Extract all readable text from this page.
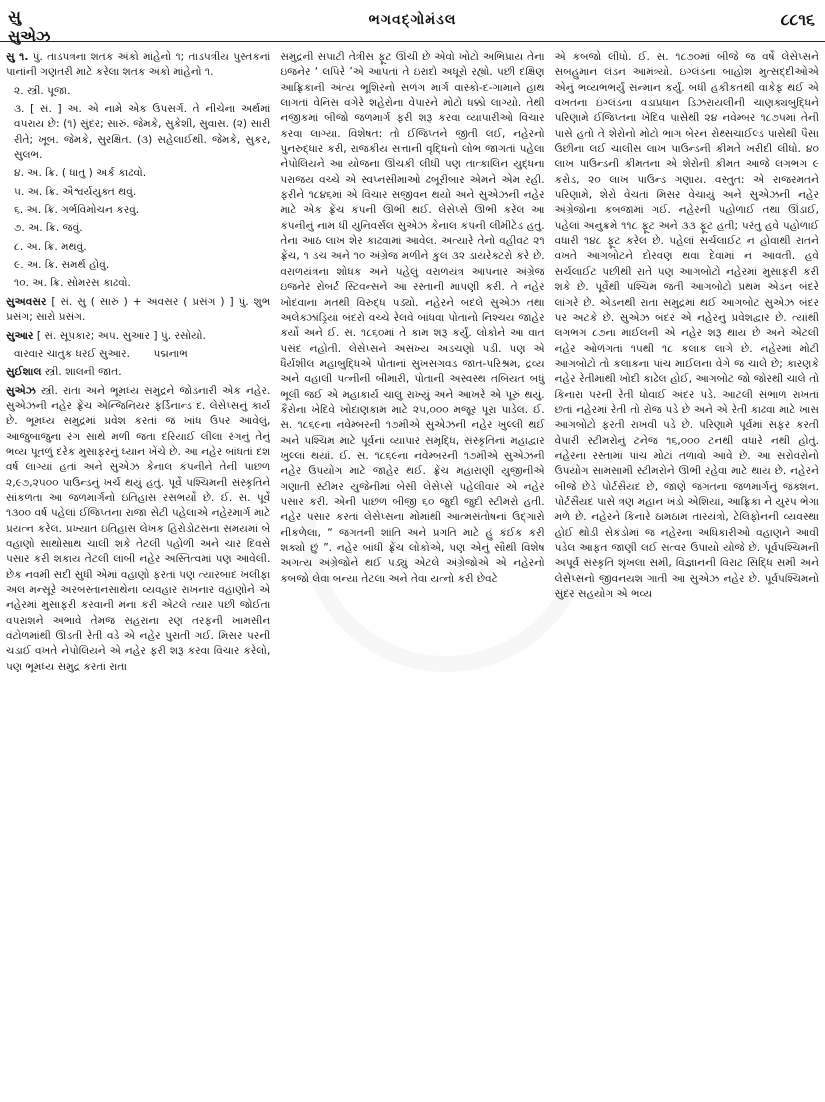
સુ
સુએઝ
ભગવદ્ગોમંડલ	૮૮૧૬

સુ ૧. પું. તાડપત્રના શતક અંકો માંહેનો ૧; તાડપત્રીય પુસ્તકનાં પાનાંની ગણતરી માટે કરેલા શતક અંકો માંહેનો ૧.

૨. સ્ત્રી. પૂજા.

૩. [ સં. ] અ. એ નામે એક ઉપસર્ગ. તે નીચેના અર્થમાં વપરાય છે: (૧) સુંદર; સારું. જેમકે, સુકેશી, સુવાસ. (૨) સારી રીતે; ખૂબ. જેમકે, સુરક્ષિત. (૩) સહેલાઈથી. જેમકે, સુકર, સુલભ.

૪. અ. ક્રિ. ( ધાતુ ) અર્ક કાઢવો.

૫. અ. ક્રિ. ઐશ્વર્યયુક્ત થવું.

૬. અ. ક્રિ. ગર્ભવિમોચન કરવું.

૭. અ. ક્રિ. જવું.

૮. અ. ક્રિ. મથવું.

૯. અ. ક્રિ. સમર્થ હોવું.

૧૦. અ. ક્રિ. સોમરસ કાઢવો.

સુઅવસર [ સં. સુ ( સારું ) + અવસર ( પ્રસંગ ) ] પું. શુભ પ્રસંગ; સારો પ્રસંગ.

સુઆર [ સં. સૂપકાર; અપ. સુઆર ] પું. રસોયો.

વારવાર ચાતુક ધરઈ સુઆર. પદ્મનાભ

સુઈશાલ સ્ત્રી. શાલની જાત.

સુએઝ સ્ત્રી. રાતા અને ભૂમધ્ય સમુદ્રને જોડનારી એક નહેર. સુએઝની નહેર ફ્રેંચ એન્જિનિયર ફર્ડિનાન્ડ દ. લેસેપ્સનું કાર્ય છે. ભૂમધ્ય સમુદ્રમાં પ્રવેશ કરતાં જ ખાંધ ઉપર આવેલું, આજુબાજુના રંગ સાથે મળી જતા દરિયાઈ લીલા રંગનું તેનું ભવ્ય પૂતળું દરેક મુસાફરનું ધ્યાન ખેંચે છે. આ નહેર બાંધતાં દશ વર્ષ લાગ્યાં હતાં અને સુએઝ કેનાલ કંપનીને તેની પાછળ ૨,૯૭,૨૫૦૦ પાઉન્ડનું ખર્ચ થયું હતું. પૂર્વે પશ્ચિમની સંસ્કૃતિને સાંકળતા આ જળમાર્ગનો ઇતિહાસ રસભર્યો છે. ઈ. સ. પૂર્વે ૧૩૦૦ વર્ષ પહેલાં ઈજિપ્તના રાજા સેટી પહેલાએ નહેરમાર્ગ માટે પ્રયત્ન કરેલ. પ્રખ્યાત ઇતિહાસ લેખક હિરોડોટસના સમયમાં બે વહાણો સાથોસાથ ચાલી શકે તેટલી પહોળી અને ચાર દિવસે પસાર કરી શકાય તેટલી લાંબી નહેર અસ્તિત્વમાં પણ આવેલી. છેક નવમી સદી સુધી એમાં વહાણો ફરતાં પણ ત્યારબાદ ખલીફા અલ મન્સૂરે અરબસ્તાનસાથેના વ્યવહાર રાખનાર વહાણોને એ નહેરમાં મુસાફરી કરવાની મના કરી એટલે ત્યાર પછી જોઈતા વપરાશને અભાવે તેમજ સહરાના રણ તરફની ખામસીન વંટોળમાંથી ઊડતી રેતી વડે એ નહેર પુરાતી ગઈ. મિસર પરની ચડાઈ વખતે નેપોલિયને એ નહેર ફરી શરૂ કરવા વિચાર કરેલો, પણ ભૂમધ્ય સમુદ્ર કરતાં રાતા

સમુદ્રની સપાટી તેત્રીસ ફૂટ ઊંચી છે એવો ખોટો અભિપ્રાય તેના ઇજનેર ‘ લપિરે ’એ આપતાં તે ઇરાદો અધૂરો રહ્યો. પછી દક્ષિણ આફ્રિકાની અંત્ય ભૂશિરનો સળંગ માર્ગ વાસ્કો-દ-ગામાને હાથ લાગતાં વેનિસ વગેરે શહેરોના વેપારને મોટો ધક્કો લાગ્યો. તેથી નજીકમાં બીજો જળમાર્ગ ફરી શરૂ કરવા વ્યાપારીઓ વિચાર કરવા લાગ્યા. વિશેષત: તો ઈજિપ્તને જીતી લઈ, નહેરનો પુનરુદ્ધાર કરી, રાજકીય સત્તાની વૃદ્ધિનો લોભ જાગતાં પહેલા નેપોલિયને આ યોજના ઊંચકી લીધી પણ તાત્કાલિન યુદ્ધના પરાજય વચ્ચે એ સ્વપ્નસીમાઓ ઢબૂરીબાર એમને એમ રહી. ફરીને ૧૮૪૬માં એ વિચાર સજીવન થયો અને સુએઝની નહેર માટે એક ફ્રેંચ કંપની ઊભી થઈ. લેસેપ્સે ઊભી કરેલ આ કંપનીનું નામ ધી યુનિવર્સલ સુએઝ કેનાલ કંપની લીમીટેડ હતું. તેના આઠ લાખ શેર કાઢવામાં આવેલ. અત્યારે તેનો વહીવટ ૨૧ ફ્રેંચ, ૧ ડચ અને ૧૦ અંગ્રેજ મળીને કુલ ૩૨ ડાયરેક્ટરો કરે છે. વરાળયંત્રના શોધક અને પહેલું વરાળયંત્ર આપનાર અંગ્રેજ ઇજનેર રોબર્ટ સ્ટિવન્સને આ રસ્તાની માપણી કરી. તે નહેર ખોદવાના મતથી વિરુદ્ધ પડ્યો. નહેરને બદલે સુએઝ તથા અલેક્ઝાંડ્રિયા બંદરો વચ્ચે રેલવે બાંધવા પોતાનો નિશ્ચય જાહેર કર્યો અને ઈ. સ. ૧૮૬૦માં તે કામ શરૂ કર્યું. લોકોને આ વાત પસંદ નહોતી. લેસેપ્સને અસંખ્ય અડચણો પડી. પણ એ ધૈર્યશીલ મહાબુદ્ધિએ પોતાનાં સુખસગવડ જાત-પરિશ્રમ, દ્રવ્ય અને વહાલી પત્નીની બીમારી, પોતાની અસ્વસ્થ તબિયત બધું ભૂલી જઈ એ મહાકાર્ય ચાલુ રાખ્યું અને આખરે એ પૂરું થયું. કૈરોના ખેદિવે ખોદાણકામ માટે ૨૫,૦૦૦ મજૂર પૂરા પાડેલ. ઈ. સ. ૧૮૬૯ના નવેમ્બરની ૧૭મીએ સુએઝની નહેર ખુલ્લી થઈ અને પશ્ચિમ માટે પૂર્વનાં વ્યાપાર સમૃદ્ધિ, સંસ્કૃતિનાં મહાદ્વાર ખુલ્લાં થયાં. ઈ. સ. ૧૮૬૯ના નવેમ્બરની ૧૭મીએ સુએઝની નહેર ઉપયોગ માટે જાહેર થઈ. ફ્રેંચ મહારાણી યુજીનીએ ગણાતી સ્ટીમર યુજેનીમાં બેસી લેસેપ્સે પહેલીવાર એ નહેર પસાર કરી. એની પાછળ બીજી ૬૦ જુદી જુદી સ્ટીમરો હતી. નહેર પસાર કરતાં લેસેપ્સના મોંમાંથી આત્મસંતોષનાં ઉદ્ગારો નીકળેલા, “ જગતની શાંતિ અને પ્રગતિ માટે હું કંઈક કરી શક્યો છું ”. નહેર બાંધી ફ્રેંચ લોકોએ, પણ એનું સૌથી વિશેષ અગત્ય અંગ્રેજોને થઈ પડ્યું એટલે અંગ્રેજોએ એ નહેરનો કબજો લેવા બન્યા તેટલા અને તેવા યત્નો કરી છેવટે

એ કબજો લીધો. ઈ. સ. ૧૮૭૦માં બીજે જ વર્ષે લેસેપ્સને સબહુમાન લંડન આમંત્ર્યો. ઇંગ્લંડના બાહોશ મુત્સદ્દીઓએ એનું ભવ્યભભર્યું સન્માન કર્યું. બધી હકીકતથી વાકેફ થઈ એ વખતના ઇંગ્લંડના વડાપ્રધાન ડિઝરાયલીની ચાણક્યબુદ્ધિને પરિણામે ઈજિપ્તના ખેદિવ પાસેથી ૨૪ નવેમ્બર ૧૮૭૫માં તેની પાસે હતો તે શેરોનો મોટો ભાગ બેરન રોથ્સચાઈલ્ડ પાસેથી પૈસા ઉછીના લઈ ચાલીસ લાખ પાઉન્ડની કીમતે ખરીદી લીધો. ૪૦ લાખ પાઉન્ડની કીમતના એ શેરોની કીમત આજે લગભગ ૯ કરોડ, ૨૦ લાખ પાઉન્ડ ગણાય. વસ્તુત: એ રાજરમતને પરિણામે, શેરો વેચતાં મિસર વેચાયું અને સુએઝની નહેર અંગ્રેજોના કબજામાં ગઈ. નહેરની પહોળાઈ તથા ઊંડાઈ, પહેલાં અનુક્રમે ૧૧૮ ફૂટ અને ૩૩ ફૂટ હતી; પરંતુ હવે પહોળાઈ વધારી ૧૪૮ ફૂટ કરેલ છે. પહેલાં સર્ચલાઈટ ન હોવાથી રાતને વખતે આગબોટને દોરવણ થવા દેવામાં ન આવતી. હવે સર્ચલાઈટ પછીથી રાતે પણ આગબોટો નહેરમાં મુસાફરી કરી શકે છે. પૂર્વેથી પશ્ચિમ જતી આગબોટો પ્રથમ એડન બંદરે લાંગરે છે. એડનથી રાતા સમુદ્રમાં થઈ આગબોટ સુએઝ બંદર પર અટકે છે. સુએઝ બંદર એ નહેરનું પ્રવેશદ્વાર છે. ત્યાંથી લગભગ ૮૭ના માઈલની એ નહેર શરૂ થાય છે અને એટલી નહેર ઓળંગતાં ૧૫થી ૧૮ કલાક લાગે છે. નહેરમાં મોટી આગબોટો તો કલાકના પાંચ માઈલના વેગે જ ચાલે છે; કારણકે નહેર રેતીમાંથી ખોદી કાઢેલ હોઈ, આગબોટ જો જોરથી ચાલે તો કિનારા પરની રેતી ધોવાઈ અંદર પડે. આટલી સંભાળ રાખતાં છતાં નહેરમાં રેતી તો રોજ પડે છે અને એ રેતી કાઢવા માટે ખાસ આગબોટો ફરતી રાખવી પડે છે. પરિણામે પૂર્વમાં સફર કરતી વેપારી સ્ટીમરોનું ટનેજ ૧૬,૦૦૦ ટનથી વધારે નથી હોતું. નહેરના રસ્તામાં પાંચ મોટાં તળાવો આવે છે. આ સરોવરોનો ઉપયોગ સામસામી સ્ટીમરોને ઊભી રહેવા માટે થાય છે. નહેરને બીજે છેડે પોર્ટસૈયદ છે, જાણે જગતના જળમાર્ગનું જંક્શન. પોર્ટસૈયદ પાસે ત્રણ મહાન ખંડો એશિયા, આફ્રિકા ને યુરપ ભેગા મળે છે. નહેરને કિનારે ઠામઠામ તારયંત્રો, ટેલિફોનની વ્યવસ્થા હોઈ થોડી સેકંડોમાં જ નહેરના અધિકારીઓ વહાણને આવી પડેલ આફત જાણી લઈ સત્વર ઉપાયો યોજે છે. પૂર્વપશ્ચિમની અપૂર્વ સંસ્કૃતિ શૃંખલા સમી, વિજ્ઞાનની વિરાટ સિદ્ધિ સમી અને લેસેપ્સનો જીવનયશ ગાતી આ સુએઝ નહેર છે. પૂર્વપશ્ચિમનો સુંદર સહયોગ એ ભવ્ય
